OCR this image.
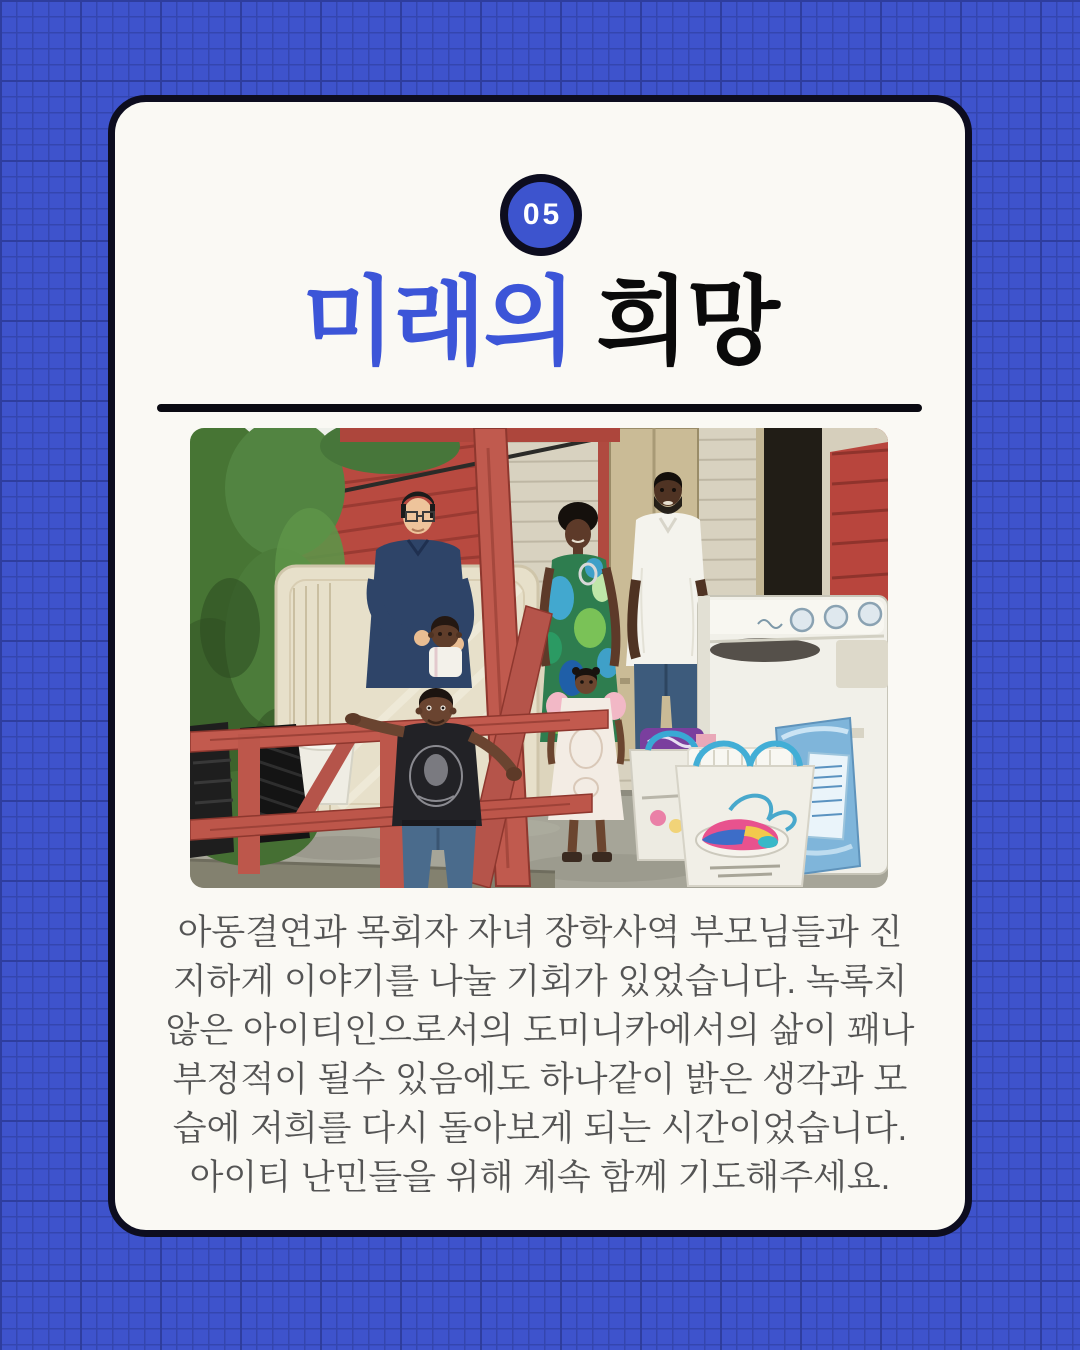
05
미래의 희망
아동결연과 목회자 자녀 장학사역 부모님들과 진
지하게 이야기를 나눌 기회가 있었습니다. 녹록치
않은 아이티인으로서의 도미니카에서의 삶이 꽤나
부정적이 될수 있음에도 하나같이 밝은 생각과 모
습에 저희를 다시 돌아보게 되는 시간이었습니다.
아이티 난민들을 위해 계속 함께 기도해주세요.
